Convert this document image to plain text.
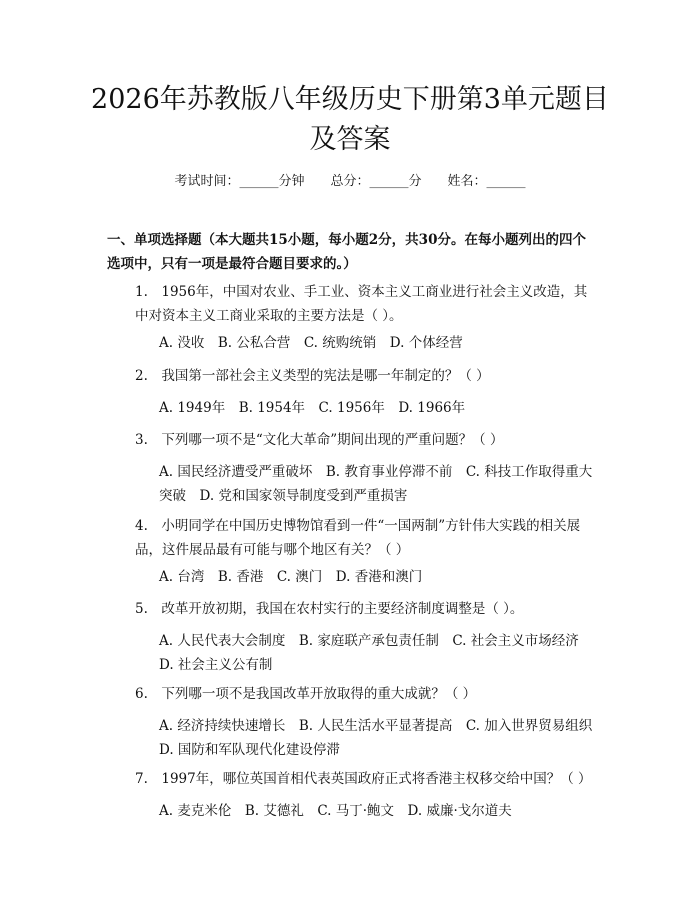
2026年苏教版八年级历史下册第3单元题目
及答案
考试时间：______分钟 总分：______分 姓名：______
一、单项选择题（本大题共15小题，每小题2分，共30分。在每小题列出的四个选项中，只有一项是最符合题目要求的。）
1.　1956年，中国对农业、手工业、资本主义工商业进行社会主义改造，其中对资本主义工商业采取的主要方法是（ ）。
A. 没收　B. 公私合营　C. 统购统销　D. 个体经营
2.　我国第一部社会主义类型的宪法是哪一年制定的？（ ）
A. 1949年　B. 1954年　C. 1956年　D. 1966年
3.　下列哪一项不是“文化大革命”期间出现的严重问题？（ ）
A. 国民经济遭受严重破坏　B. 教育事业停滞不前　C. 科技工作取得重大突破　D. 党和国家领导制度受到严重损害
4.　小明同学在中国历史博物馆看到一件“一国两制”方针伟大实践的相关展品，这件展品最有可能与哪个地区有关？（ ）
A. 台湾　B. 香港　C. 澳门　D. 香港和澳门
5.　改革开放初期，我国在农村实行的主要经济制度调整是（ ）。
A. 人民代表大会制度　B. 家庭联产承包责任制　C. 社会主义市场经济　D. 社会主义公有制
6.　下列哪一项不是我国改革开放取得的重大成就？（ ）
A. 经济持续快速增长　B. 人民生活水平显著提高　C. 加入世界贸易组织　D. 国防和军队现代化建设停滞
7.　1997年，哪位英国首相代表英国政府正式将香港主权移交给中国？（ ）
A. 麦克米伦　B. 艾德礼　C. 马丁·鲍文　D. 威廉·戈尔道夫
